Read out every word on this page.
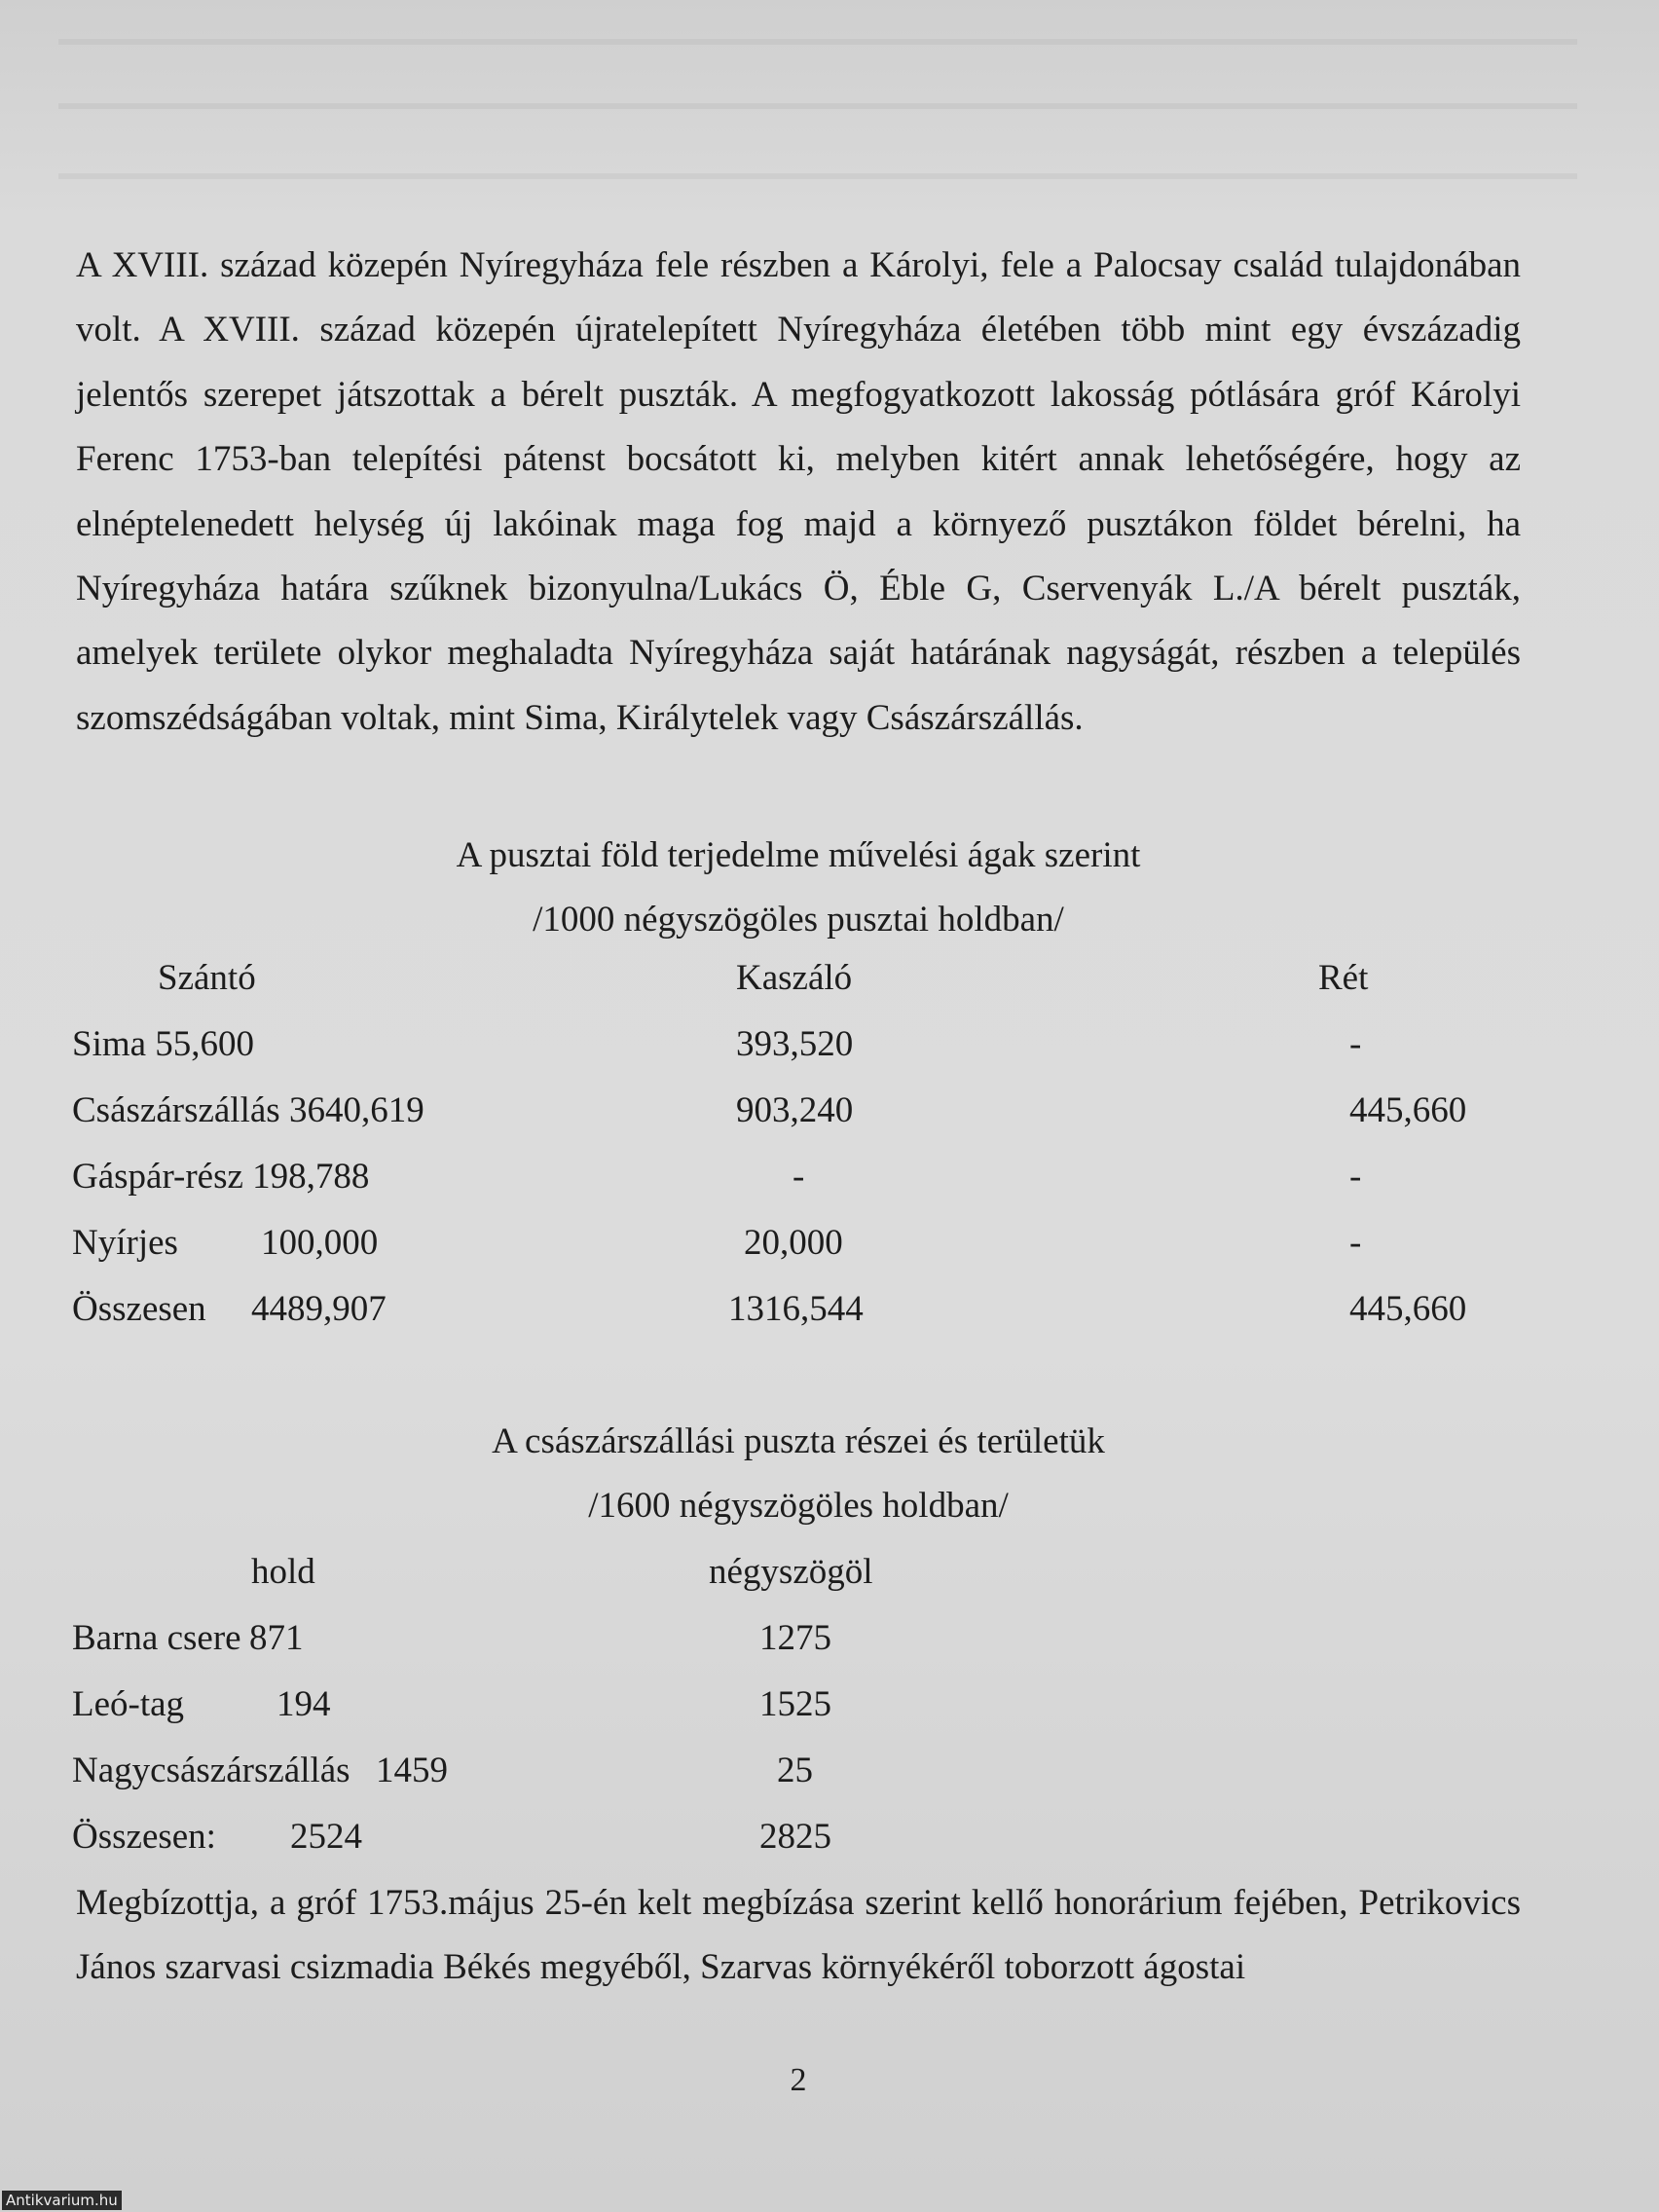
A XVIII. század közepén Nyíregyháza fele részben a Károlyi, fele a Palocsay család tulajdonában volt. A XVIII. század közepén újratelepített Nyíregyháza életében több mint egy évszázadig jelentős szerepet játszottak a bérelt puszták. A megfogyatkozott lakosság pótlására gróf Károlyi Ferenc 1753-ban telepítési pátenst bocsátott ki, melyben kitért annak lehetőségére, hogy az elnéptelenedett helység új lakóinak maga fog majd a környező pusztákon földet bérelni, ha Nyíregyháza határa szűknek bizonyulna/Lukács Ö, Éble G, Cservenyák L./A bérelt puszták, amelyek területe olykor meghaladta Nyíregyháza saját határának nagyságát, részben a település szomszédságában voltak, mint Sima, Királytelek vagy Császárszállás.
A pusztai föld terjedelme művelési ágak szerint
/1000 négyszögöles pusztai holdban/
Szántó	Kaszáló	Rét
Sima 55,600	393,520	-
Császárszállás 3640,619	903,240	445,660
Gáspár-rész 198,788	-	-
Nyírjes 100,000	20,000	-
Összesen 4489,907	1316,544	445,660
A császárszállási puszta részei és területük
/1600 négyszögöles holdban/
hold	négyszögöl
Barna csere 871	1275
Leó-tag	194	1525
Nagycsászárszállás 1459	25
Összesen: 2524	2825
Megbízottja, a gróf 1753.május 25-én kelt megbízása szerint kellő honorárium fejében, Petrikovics János szarvasi csizmadia Békés megyéből, Szarvas környékéről toborzott ágostai
2
Antikvarium.hu
